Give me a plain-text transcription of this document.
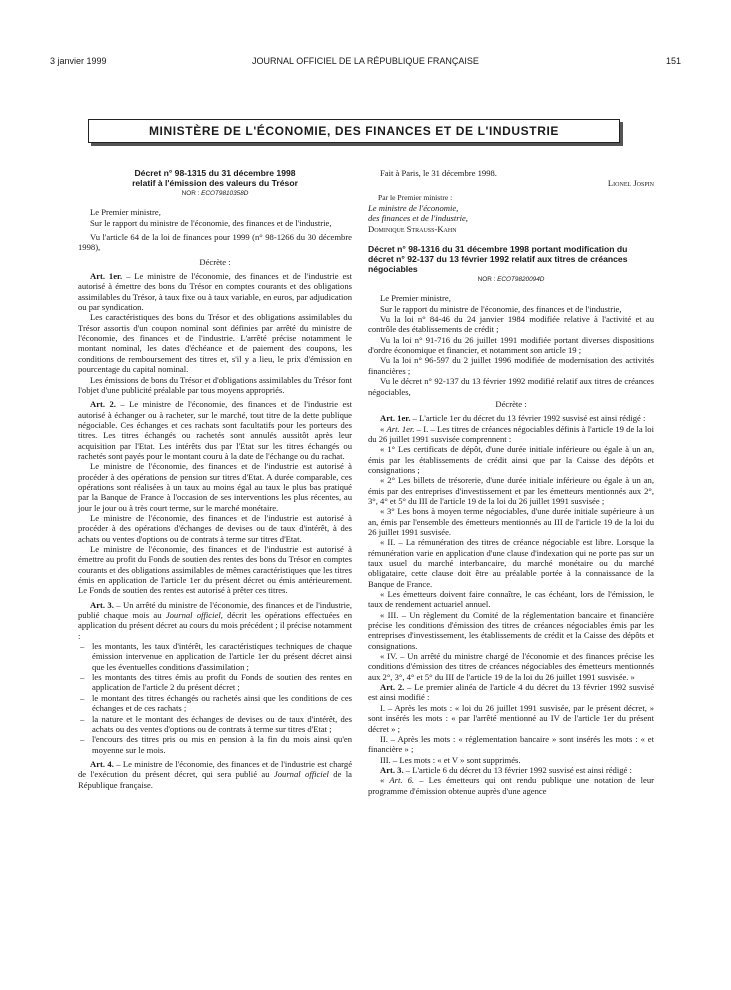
3 janvier 1999	JOURNAL OFFICIEL DE LA RÉPUBLIQUE FRANÇAISE	151
MINISTÈRE DE L'ÉCONOMIE, DES FINANCES ET DE L'INDUSTRIE
Décret n° 98-1315 du 31 décembre 1998
relatif à l'émission des valeurs du Trésor
NOR : ECOT9810358D

Le Premier ministre,

Sur le rapport du ministre de l'économie, des finances et de l'industrie,

Vu l'article 64 de la loi de finances pour 1999 (n° 98-1266 du 30 décembre 1998),

Décrète :

Art. 1er. – Le ministre de l'économie, des finances et de l'industrie est autorisé à émettre des bons du Trésor en comptes courants et des obligations assimilables du Trésor, à taux fixe ou à taux variable, en euros, par adjudication ou par syndication.

Les caractéristiques des bons du Trésor et des obligations assimilables du Trésor assortis d'un coupon nominal sont définies par arrêté du ministre de l'économie, des finances et de l'industrie. L'arrêté précise notamment le montant nominal, les dates d'échéance et de paiement des coupons, les conditions de remboursement des titres et, s'il y a lieu, le prix d'émission en pourcentage du capital nominal.

Les émissions de bons du Trésor et d'obligations assimilables du Trésor font l'objet d'une publicité préalable par tous moyens appropriés.

Art. 2. – Le ministre de l'économie, des finances et de l'industrie est autorisé à échanger ou à racheter, sur le marché, tout titre de la dette publique négociable. Ces échanges et ces rachats sont facultatifs pour les porteurs des titres. Les titres échangés ou rachetés sont annulés aussitôt après leur acquisition par l'Etat. Les intérêts dus par l'Etat sur les titres échangés ou rachetés sont payés pour le montant couru à la date de l'échange ou du rachat.

Le ministre de l'économie, des finances et de l'industrie est autorisé à procéder à des opérations de pension sur titres d'Etat. A durée comparable, ces opérations sont réalisées à un taux au moins égal au taux le plus bas pratiqué par la Banque de France à l'occasion de ses interventions les plus récentes, au jour le jour ou à très court terme, sur le marché monétaire.

Le ministre de l'économie, des finances et de l'industrie est autorisé à procéder à des opérations d'échanges de devises ou de taux d'intérêt, à des achats ou ventes d'options ou de contrats à terme sur titres d'Etat.

Le ministre de l'économie, des finances et de l'industrie est autorisé à émettre au profit du Fonds de soutien des rentes des bons du Trésor en comptes courants et des obligations assimilables de mêmes caractéristiques que les titres émis en application de l'article 1er du présent décret ou émis antérieurement. Le Fonds de soutien des rentes est autorisé à prêter ces titres.

Art. 3. – Un arrêté du ministre de l'économie, des finances et de l'industrie, publié chaque mois au Journal officiel, décrit les opérations effectuées en application du présent décret au cours du mois précédent ; il précise notamment :

– les montants, les taux d'intérêt, les caractéristiques techniques de chaque émission intervenue en application de l'article 1er du présent décret ainsi que les éventuelles conditions d'assimilation ;
– les montants des titres émis au profit du Fonds de soutien des rentes en application de l'article 2 du présent décret ;
– le montant des titres échangés ou rachetés ainsi que les conditions de ces échanges et de ces rachats ;
– la nature et le montant des échanges de devises ou de taux d'intérêt, des achats ou des ventes d'options ou de contrats à terme sur titres d'Etat ;
– l'encours des titres pris ou mis en pension à la fin du mois ainsi qu'en moyenne sur le mois.

Art. 4. – Le ministre de l'économie, des finances et de l'industrie est chargé de l'exécution du présent décret, qui sera publié au Journal officiel de la République française.

Fait à Paris, le 31 décembre 1998.

Lionel Jospin

Par le Premier ministre :

Le ministre de l'économie,

des finances et de l'industrie,

Dominique Strauss-Kahn

Décret n° 98-1316 du 31 décembre 1998 portant modification du décret n° 92-137 du 13 février 1992 relatif aux titres de créances négociables
NOR : ECOT9820094D

Le Premier ministre,

Sur le rapport du ministre de l'économie, des finances et de l'industrie,

Vu la loi n° 84-46 du 24 janvier 1984 modifiée relative à l'activité et au contrôle des établissements de crédit ;

Vu la loi n° 91-716 du 26 juillet 1991 modifiée portant diverses dispositions d'ordre économique et financier, et notamment son article 19 ;

Vu la loi n° 96-597 du 2 juillet 1996 modifiée de modernisation des activités financières ;

Vu le décret n° 92-137 du 13 février 1992 modifié relatif aux titres de créances négociables,

Décrète :

Art. 1er. – L'article 1er du décret du 13 février 1992 susvisé est ainsi rédigé :

« Art. 1er. – I. – Les titres de créances négociables définis à l'article 19 de la loi du 26 juillet 1991 susvisée comprennent :

« 1° Les certificats de dépôt, d'une durée initiale inférieure ou égale à un an, émis par les établissements de crédit ainsi que par la Caisse des dépôts et consignations ;

« 2° Les billets de trésorerie, d'une durée initiale inférieure ou égale à un an, émis par des entreprises d'investissement et par les émetteurs mentionnés aux 2°, 3°, 4° et 5° du III de l'article 19 de la loi du 26 juillet 1991 susvisée ;

« 3° Les bons à moyen terme négociables, d'une durée initiale supérieure à un an, émis par l'ensemble des émetteurs mentionnés au III de l'article 19 de la loi du 26 juillet 1991 susvisée.

« II. – La rémunération des titres de créance négociable est libre. Lorsque la rémunération varie en application d'une clause d'indexation qui ne porte pas sur un taux usuel du marché interbancaire, du marché monétaire ou du marché obligataire, cette clause doit être au préalable portée à la connaissance de la Banque de France.

« Les émetteurs doivent faire connaître, le cas échéant, lors de l'émission, le taux de rendement actuariel annuel.

« III. – Un règlement du Comité de la réglementation bancaire et financière précise les conditions d'émission des titres de créances négociables émis par les entreprises d'investissement, les établissements de crédit et la Caisse des dépôts et consignations.

« IV. – Un arrêté du ministre chargé de l'économie et des finances précise les conditions d'émission des titres de créances négociables des émetteurs mentionnés aux 2°, 3°, 4° et 5° du III de l'article 19 de la loi du 26 juillet 1991 susvisée. »

Art. 2. – Le premier alinéa de l'article 4 du décret du 13 février 1992 susvisé est ainsi modifié :

I. – Après les mots : « loi du 26 juillet 1991 susvisée, par le présent décret, » sont insérés les mots : « par l'arrêté mentionné au IV de l'article 1er du présent décret » ;

II. – Après les mots : « réglementation bancaire » sont insérés les mots : « et financière » ;

III. – Les mots : « et V » sont supprimés.

Art. 3. – L'article 6 du décret du 13 février 1992 susvisé est ainsi rédigé :

« Art. 6. – Les émetteurs qui ont rendu publique une notation de leur programme d'émission obtenue auprès d'une agence
